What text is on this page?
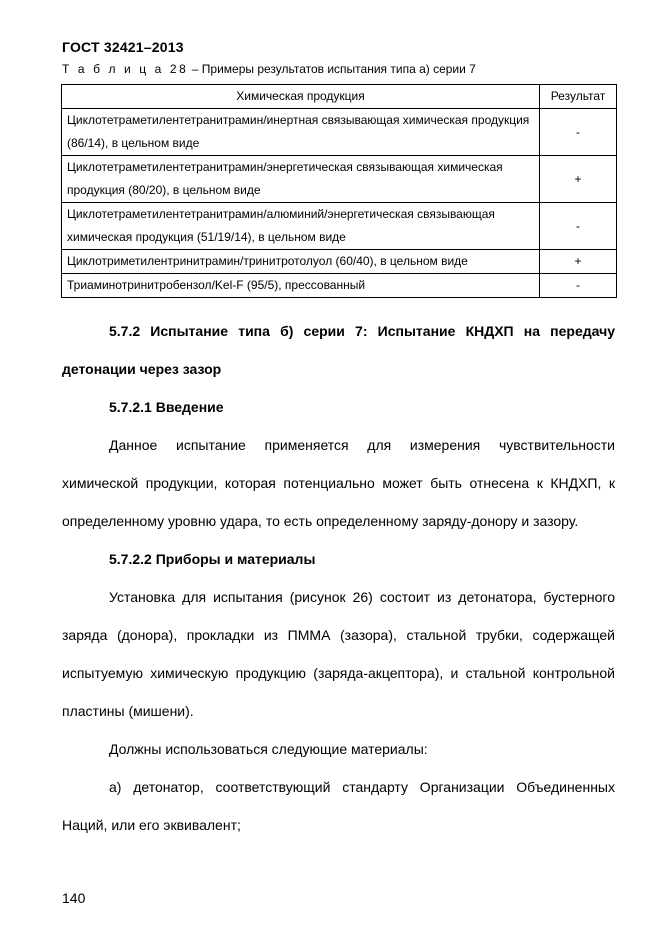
ГОСТ 32421–2013
Т а б л и ц а 28 – Примеры результатов испытания типа а) серии 7
Химическая продукция	Результат
Циклотетраметилентетранитрамин/инертная связывающая химическая продукция (86/14), в цельном виде	-
Циклотетраметилентетранитрамин/энергетическая связывающая химическая продукция (80/20), в цельном виде	+
Циклотетраметилентетранитрамин/алюминий/энергетическая связывающая химическая продукция (51/19/14), в цельном виде	-
Циклотриметилентринитрамин/тринитротолуол (60/40), в цельном виде	+
Триаминотринитробензол/Kel-F (95/5), прессованный	-

5.7.2 Испытание типа б) серии 7: Испытание КНДХП на передачу детонации через зазор

5.7.2.1 Введение

Данное испытание применяется для измерения чувствительности химической продукции, которая потенциально может быть отнесена к КНДХП, к определенному уровню удара, то есть определенному заряду-донору и зазору.

5.7.2.2 Приборы и материалы

Установка для испытания (рисунок 26) состоит из детонатора, бустерного заряда (донора), прокладки из ПММА (зазора), стальной трубки, содержащей испытуемую химическую продукцию (заряда-акцептора), и стальной контрольной пластины (мишени).

Должны использоваться следующие материалы:

а) детонатор, соответствующий стандарту Организации Объединенных Наций, или его эквивалент;

140
